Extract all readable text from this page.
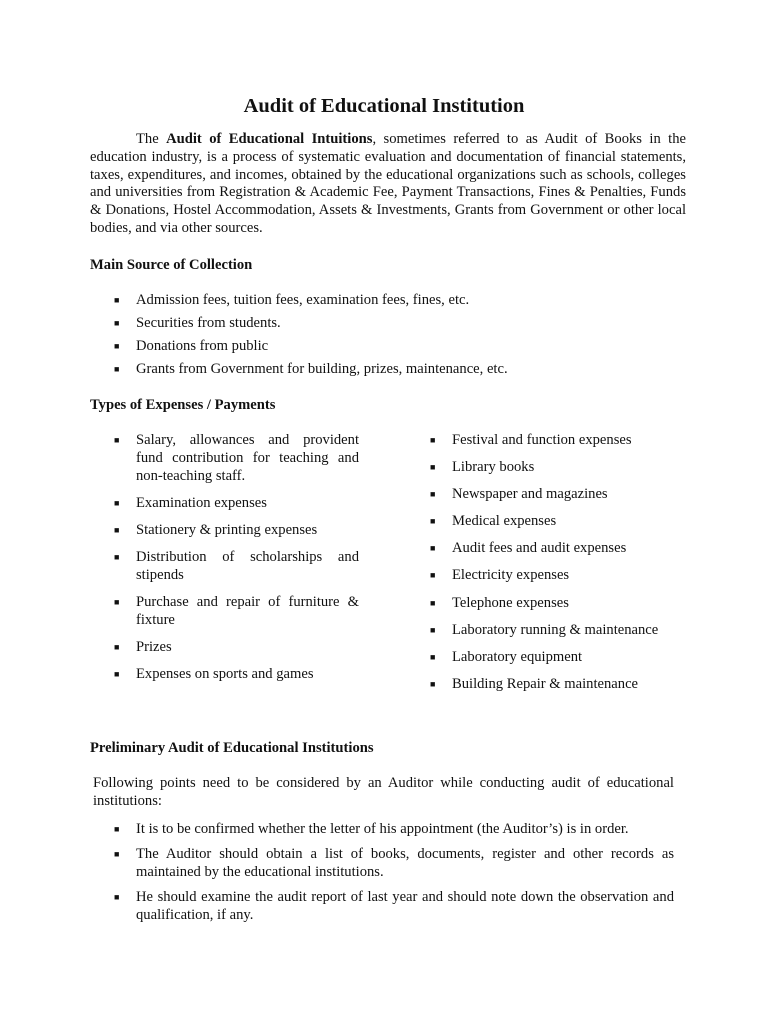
Audit of Educational Institution

The Audit of Educational Intuitions, sometimes referred to as Audit of Books in the education industry, is a process of systematic evaluation and documentation of financial statements, taxes, expenditures, and incomes, obtained by the educational organizations such as schools, colleges and universities from Registration & Academic Fee, Payment Transactions, Fines & Penalties, Funds & Donations, Hostel Accommodation, Assets & Investments, Grants from Government or other local bodies, and via other sources.

Main Source of Collection
■ Admission fees, tuition fees, examination fees, fines, etc.
■ Securities from students.
■ Donations from public
■ Grants from Government for building, prizes, maintenance, etc.
Types of Expenses / Payments
■ Salary, allowances and provident fund contribution for teaching and non-teaching staff.
■ Examination expenses
■ Stationery & printing expenses
■ Distribution of scholarships and stipends
■ Purchase and repair of furniture & fixture
■ Prizes
■ Expenses on sports and games
■ Festival and function expenses
■ Library books
■ Newspaper and magazines
■ Medical expenses
■ Audit fees and audit expenses
■ Electricity expenses
■ Telephone expenses
■ Laboratory running & maintenance
■ Laboratory equipment
■ Building Repair & maintenance
Preliminary Audit of Educational Institutions

Following points need to be considered by an Auditor while conducting audit of educational institutions:

■ It is to be confirmed whether the letter of his appointment (the Auditor’s) is in order.
■ The Auditor should obtain a list of books, documents, register and other records as maintained by the educational institutions.
■ He should examine the audit report of last year and should note down the observation and qualification, if any.
